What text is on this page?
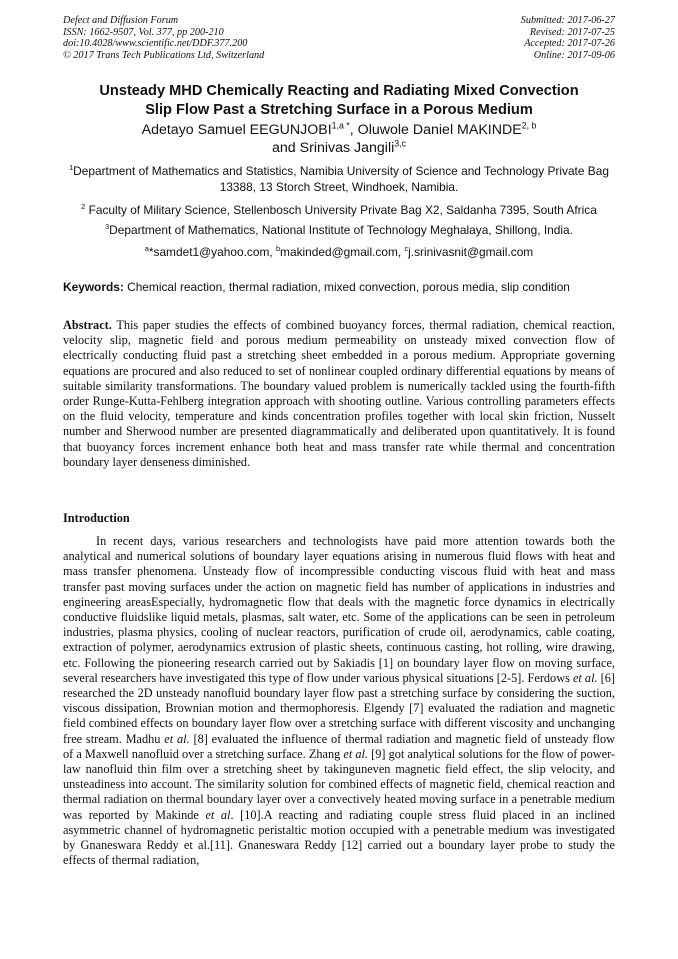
Defect and Diffusion Forum
ISSN: 1662-9507, Vol. 377, pp 200-210
doi:10.4028/www.scientific.net/DDF.377.200
© 2017 Trans Tech Publications Ltd, Switzerland
Submitted: 2017-06-27
Revised: 2017-07-25
Accepted: 2017-07-26
Online: 2017-09-06
Unsteady MHD Chemically Reacting and Radiating Mixed Convection
Slip Flow Past a Stretching Surface in a Porous Medium
Adetayo Samuel $EEGUNJOBI^{1,a *}$, Oluwole Daniel MAKINDE$^{2, b}$
and Srinivas Jangili$^{3,c}$
$^1$Department of Mathematics and Statistics, Namibia University of Science and Technology Private Bag 13388, 13 Storch Street, Windhoek, Namibia.
$^2$ Faculty of Military Science, Stellenbosch University Private Bag X2, Saldanha 7395, South Africa
$^3$Department of Mathematics, National Institute of Technology Meghalaya, Shillong, India.
$^a$*samdet1@yahoo.com, $^b$makinded@gmail.com, $^c$j.srinivasnit@gmail.com
Keywords: Chemical reaction, thermal radiation, mixed convection, porous media, slip condition
Abstract. This paper studies the effects of combined buoyancy forces, thermal radiation, chemical reaction, velocity slip, magnetic field and porous medium permeability on unsteady mixed convection flow of electrically conducting fluid past a stretching sheet embedded in a porous medium. Appropriate governing equations are procured and also reduced to set of nonlinear coupled ordinary differential equations by means of suitable similarity transformations. The boundary valued problem is numerically tackled using the fourth-fifth order Runge-Kutta-Fehlberg integration approach with shooting outline. Various controlling parameters effects on the fluid velocity, temperature and kinds concentration profiles together with local skin friction, Nusselt number and Sherwood number are presented diagrammatically and deliberated upon quantitatively. It is found that buoyancy forces increment enhance both heat and mass transfer rate while thermal and concentration boundary layer denseness diminished.
Introduction
In recent days, various researchers and technologists have paid more attention towards both the analytical and numerical solutions of boundary layer equations arising in numerous fluid flows with heat and mass transfer phenomena. Unsteady flow of incompressible conducting viscous fluid with heat and mass transfer past moving surfaces under the action on magnetic field has number of applications in industries and engineering areasEspecially, hydromagnetic flow that deals with the magnetic force dynamics in electrically conductive fluidslike liquid metals, plasmas, salt water, etc. Some of the applications can be seen in petroleum industries, plasma physics, cooling of nuclear reactors, purification of crude oil, aerodynamics, cable coating, extraction of polymer, aerodynamics extrusion of plastic sheets, continuous casting, hot rolling, wire drawing, etc. Following the pioneering research carried out by Sakiadis [1] on boundary layer flow on moving surface, several researchers have investigated this type of flow under various physical situations [2-5]. Ferdows et al. [6] researched the 2D unsteady nanofluid boundary layer flow past a stretching surface by considering the suction, viscous dissipation, Brownian motion and thermophoresis. Elgendy [7] evaluated the radiation and magnetic field combined effects on boundary layer flow over a stretching surface with different viscosity and unchanging free stream. Madhu et al. [8] evaluated the influence of thermal radiation and magnetic field of unsteady flow of a Maxwell nanofluid over a stretching surface. Zhang et al. [9] got analytical solutions for the flow of power-law nanofluid thin film over a stretching sheet by takinguneven magnetic field effect, the slip velocity, and unsteadiness into account. The similarity solution for combined effects of magnetic field, chemical reaction and thermal radiation on thermal boundary layer over a convectively heated moving surface in a penetrable medium was reported by Makinde et al. [10].A reacting and radiating couple stress fluid placed in an inclined asymmetric channel of hydromagnetic peristaltic motion occupied with a penetrable medium was investigated by Gnaneswara Reddy et al.[11]. Gnaneswara Reddy [12] carried out a boundary layer probe to study the effects of thermal radiation,
